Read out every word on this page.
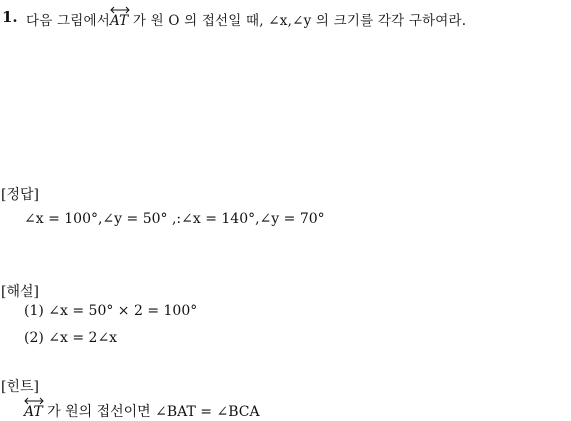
1. 다음 그림에서
AT 가 원 O 의 접선일 때, ∠x,∠y 의 크기를 각각 구하여라.
[정답]
∠x = 100°,∠y = 50° ,:∠x = 140°,∠y = 70°
[해설]
(1) ∠x = 50° × 2 = 100°
(2) ∠x = 2∠x
[힌트]
AT 가 원의 접선이면 ∠BAT = ∠BCA
